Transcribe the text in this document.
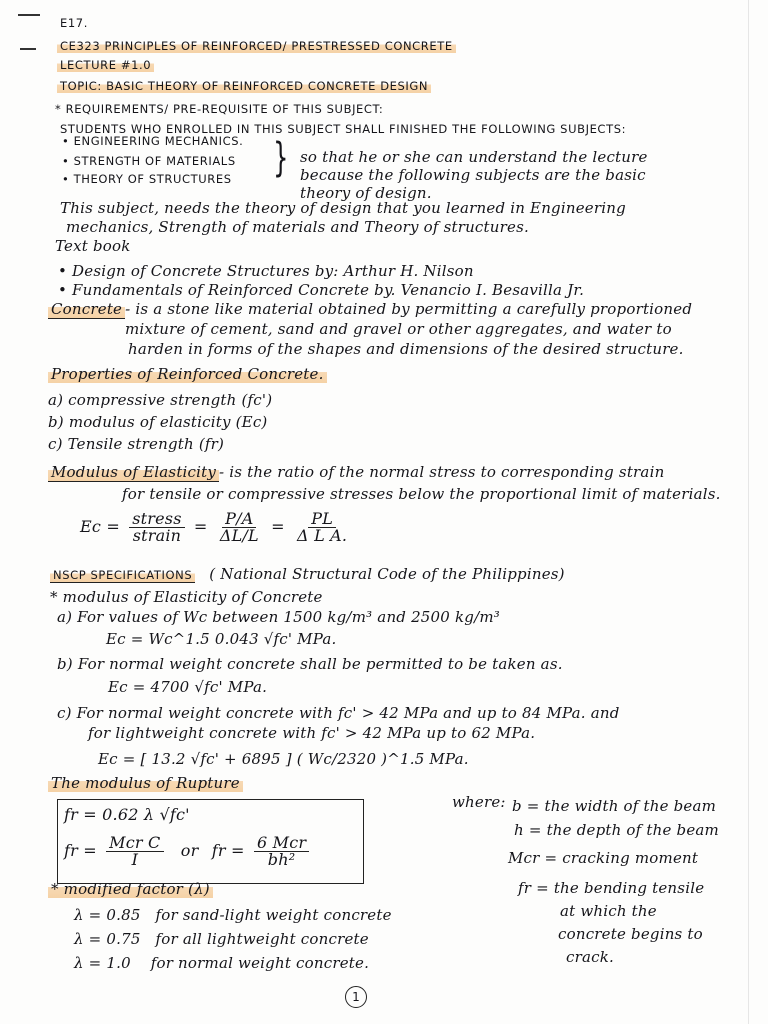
E17.
CE323 PRINCIPLES OF REINFORCED/ PRESTRESSED CONCRETE
LECTURE #1.0
TOPIC: BASIC THEORY OF REINFORCED CONCRETE DESIGN
* REQUIREMENTS/ PRE-REQUISITE OF THIS SUBJECT:
STUDENTS WHO ENROLLED IN THIS SUBJECT SHALL FINISHED THE FOLLOWING SUBJECTS:
• ENGINEERING MECHANICS.
• STRENGTH OF MATERIALS
• THEORY OF STRUCTURES } so that he or she can understand the lecture
because the following subjects are the basic
theory of design.
This subject, needs the theory of design that you learned in Engineering
mechanics, Strength of materials and Theory of structures.
Text book
• Design of Concrete Structures by: Arthur H. Nilson
• Fundamentals of Reinforced Concrete by. Venancio I. Besavilla Jr.
Concrete - is a stone like material obtained by permitting a carefully proportioned
mixture of cement, sand and gravel or other aggregates, and water to
harden in forms of the shapes and dimensions of the desired structure.
Properties of Reinforced Concrete.
a) compressive strength (fc')
b) modulus of elasticity (Ec)
c) Tensile strength (fr)
Modulus of Elasticity - is the ratio of the normal stress to corresponding strain
for tensile or compressive stresses below the proportional limit of materials.
$Ec = \frac{\text{stress}}{\text{strain}} = \frac{P/A}{\Delta L/L} = \frac{PL}{\text{Δ L A.}}$
NSCP SPECIFICATIONS ( National Structural Code of the Philippines)
* modulus of Elasticity of Concrete
a) For values of Wc between 1500 kg/m³ and 2500 kg/m³
Ec = Wc^1.5 0.043 √fc' MPa.
b) For normal weight concrete shall be permitted to be taken as.
Ec = 4700 √fc' MPa.
c) For normal weight concrete with fc' > 42 MPa and up to 84 MPa. and
for lightweight concrete with fc' > 42 MPa up to 62 MPa.
Ec = [ 13.2 √fc' + 6895 ] ( Wc/2320 )^1.5 MPa.
The modulus of Rupture
fr = 0.62 λ √fc'
fr = $\frac{\text{Mcr C}}{I}$ or fr = $\frac{\text{6 Mcr}}{\text{bh²}}$
where: b = the width of the beam
h = the depth of the beam
Mcr = cracking moment
fr = the bending tensile
at which the
concrete begins to
crack.
* modified factor (λ)
λ = 0.85   for sand-light weight concrete
λ = 0.75   for all lightweight concrete
λ = 1.0    for normal weight concrete.
1
